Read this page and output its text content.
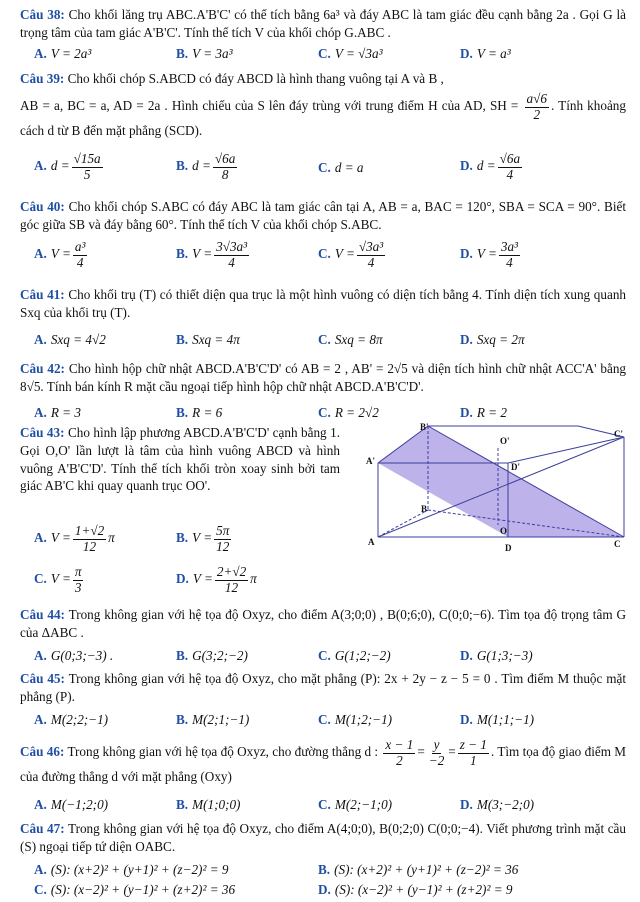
Câu 38: Cho khối lăng trụ ABC.A'B'C' có thể tích bằng 6a³ và đáy ABC là tam giác đều cạnh bằng 2a . Gọi G là trọng tâm của tam giác A'B'C'. Tính thể tích V của khối chóp G.ABC .
A. V = 2a³	B. V = 3a³	C. V = √3a³	D. V = a³
Câu 39: Cho khối chóp S.ABCD có đáy ABCD là hình thang vuông tại A và B ,
AB = a, BC = a, AD = 2a . Hình chiếu của S lên đáy trùng với trung điểm H của AD, SH = $\frac{a√6}{2}$ . Tính khoảng cách d từ B đến mặt phẳng (SCD).
A. $d = \frac{√15a}{5}$	B. $d = \frac{√6a}{8}$	C. d = a	D. $d = \frac{√6a}{4}$
Câu 40: Cho khối chóp S.ABC có đáy ABC là tam giác cân tại A, AB = a, BAC = 120°, SBA = SCA = 90°. Biết góc giữa SB và đáy bằng 60°. Tính thể tích V của khối chóp S.ABC.
A. $V = \frac{\text{a³}}{4}$	B. $V = \frac{\text{3√3a³}}{4}$	C. $V = \frac{\text{√3a³}}{4}$	D. $V = \frac{\text{3a³}}{4}$
Câu 41: Cho khối trụ (T) có thiết diện qua trục là một hình vuông có diện tích bằng 4. Tính diện tích xung quanh Sxq của khối trụ (T).
A. Sxq = 4√2	B. Sxq = 4π	C. Sxq = 8π	D. Sxq = 2π
Câu 42: Cho hình hộp chữ nhật ABCD.A'B'C'D' có AB = 2 , AB' = 2√5 và diện tích hình chữ nhật ACC'A' bằng 8√5. Tính bán kính R mặt cầu ngoại tiếp hình hộp chữ nhật ABCD.A'B'C'D'.
A. R = 3	B. R = 6	C. R = 2√2	D. R = 2
Câu 43: Cho hình lập phương ABCD.A'B'C'D' cạnh bằng 1. Gọi O,O' lần lượt là tâm của hình vuông ABCD và hình vuông A'B'C'D'. Tính thể tích khối tròn xoay sinh bởi tam giác AB'C khi quay quanh trục OO'.
A. $V = \frac{1+√2}{12}$ π	B. $V = \frac{5\pi}{12}$
C. $V = \frac{\pi}{3}$	D. $V = \frac{2+√2}{12}$ π
B'
O'
C'
A'
D'
B
C
A
O
D
Câu 44: Trong không gian với hệ tọa độ Oxyz, cho điểm A(3;0;0) , B(0;6;0), C(0;0;−6). Tìm tọa độ trọng tâm G của ΔABC .
A. G(0;3;−3) .	B. G(3;2;−2)	C. G(1;2;−2)	D. G(1;3;−3)
Câu 45: Trong không gian với hệ tọa độ Oxyz, cho mặt phẳng (P): 2x + 2y − z − 5 = 0 . Tìm điểm M thuộc mặt phẳng (P).
A. M(2;2;−1)	B. M(2;1;−1)	C. M(1;2;−1)	D. M(1;1;−1)
Câu 46: Trong không gian với hệ tọa độ Oxyz, cho đường thẳng d : $\frac{x - 1}{2} = \frac{y}{-2} = \frac{z - 1}{1}$ . Tìm tọa độ giao điểm M của đường thẳng d với mặt phẳng (Oxy)
A. M(−1;2;0)	B. M(1;0;0)	C. M(2;−1;0)	D. M(3;−2;0)
Câu 47: Trong không gian với hệ tọa độ Oxyz, cho điểm A(4;0;0), B(0;2;0) C(0;0;−4). Viết phương trình mặt cầu (S) ngoại tiếp tứ diện OABC.
A. (S): (x+2)² + (y+1)² + (z−2)² = 9	B. (S): (x+2)² + (y+1)² + (z−2)² = 36
C. (S): (x−2)² + (y−1)² + (z+2)² = 36	D. (S): (x−2)² + (y−1)² + (z+2)² = 9
